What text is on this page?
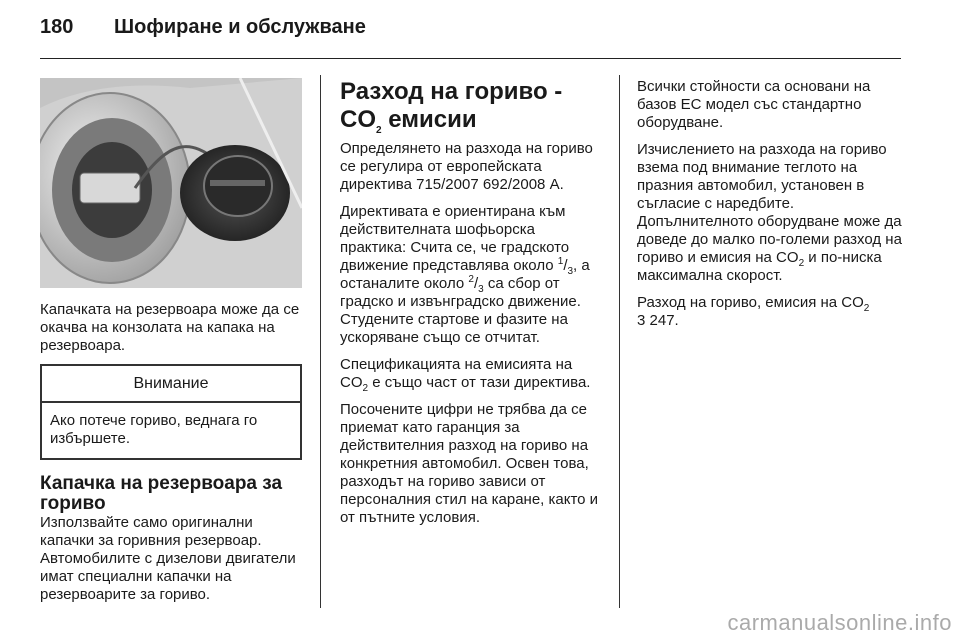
180 Шофиране и обслужване

Капачката на резервоара може да се окачва на конзолата на капака на резервоара.

Внимание
Ако потече гориво, веднага го избършете.
Капачка на резервоара за гориво

Използвайте само оригинални капачки за горивния резервоар. Автомобилите с дизелови двигатели имат специални капачки на резервоарите за гориво.

Разход на гориво -
$CO_2$ емисии

Определянето на разхода на гориво се регулира от европейската директива 715/2007 692/2008 А.

Директивата е ориентирана към действителната шофьорска практика: Счита се, че градското движение представлява около $^1/_3$, а останалите около $^2/_3$ са сбор от градско и извънградско движение. Студените стартове и фазите на ускоряване също се отчитат.

Спецификацията на емисията на $CO_2$ е също част от тази директива.

Посочените цифри не трябва да се приемат като гаранция за действителния разход на гориво на конкретния автомобил. Освен това, разходът на гориво зависи от персоналния стил на каране, както и от пътните условия.

Всички стойности са основани на базов ЕС модел със стандартно оборудване.

Изчислението на разхода на гориво взема под внимание теглото на празния автомобил, установен в съгласие с наредбите. Допълнителното оборудване може да доведе до малко по-големи разход на гориво и емисия на $CO_2$ и по-ниска максимална скорост.

Разход на гориво, емисия на $CO_2$
3 247.

carmanualsonline.info
